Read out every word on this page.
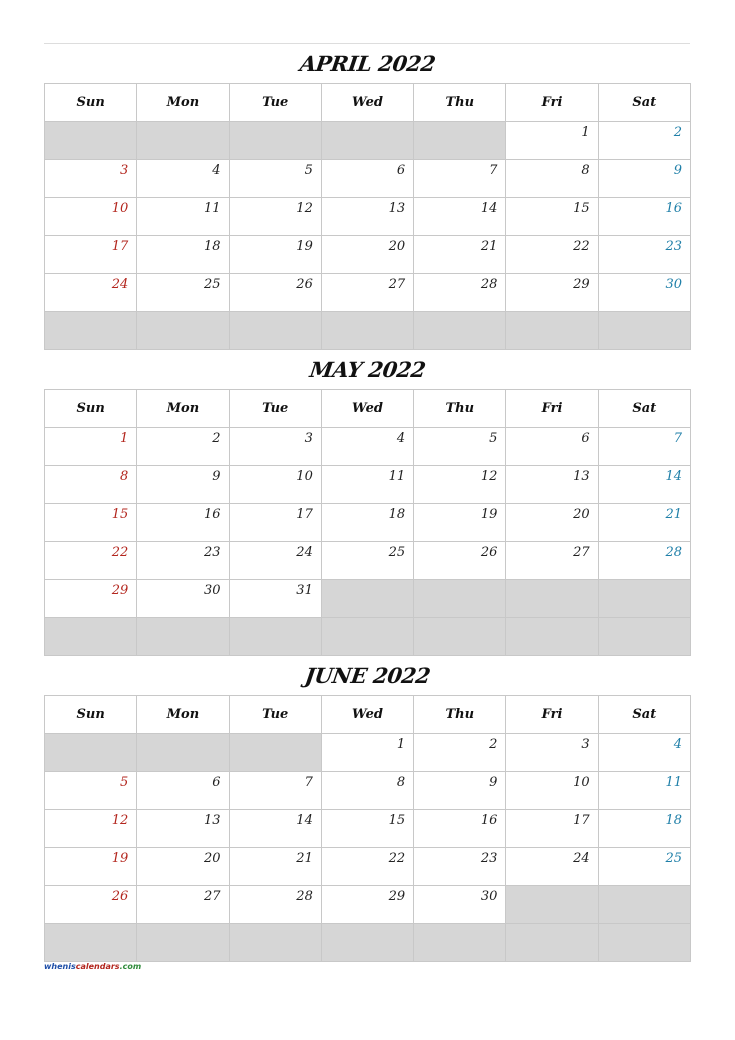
APRIL 2022
Sun	Mon	Tue	Wed	Thu	Fri	Sat

					1	2

3	4	5	6	7	8	9

10	11	12	13	14	15	16

17	18	19	20	21	22	23

24	25	26	27	28	29	30

MAY 2022
Sun	Mon	Tue	Wed	Thu	Fri	Sat

1	2	3	4	5	6	7

8	9	10	11	12	13	14

15	16	17	18	19	20	21

22	23	24	25	26	27	28

29	30	31				

JUNE 2022
Sun	Mon	Tue	Wed	Thu	Fri	Sat

			1	2	3	4

5	6	7	8	9	10	11

12	13	14	15	16	17	18

19	20	21	22	23	24	25

26	27	28	29	30		

wheniscalendars.com
